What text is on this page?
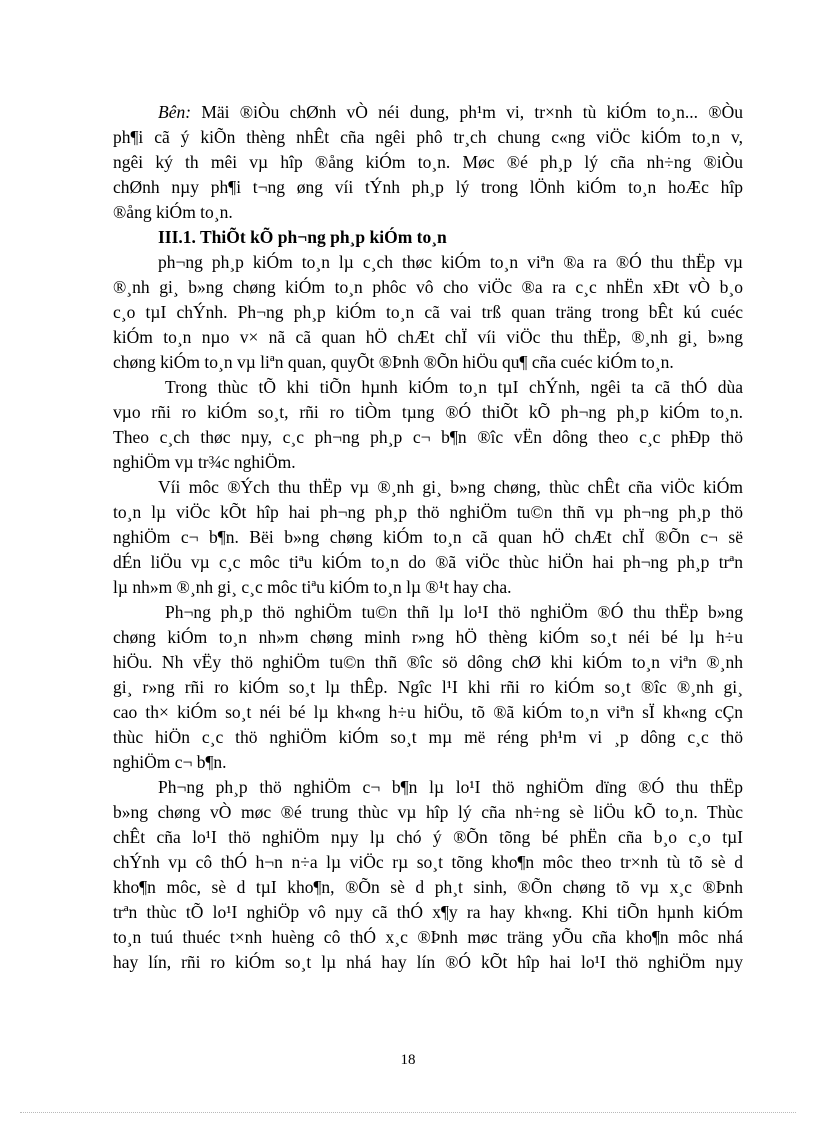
Bên: Mäi ®iÒu chØnh vÒ néi dung, ph¹m vi, tr×nh tù kiÓm to¸n... ®Òu
ph¶i cã ý kiÕn thèng nhÊt cña ngêi phô tr¸ch chung c«ng viÖc kiÓm to¸n v,
ngêi ký th mêi vµ hîp ®ång kiÓm to¸n. Møc ®é ph¸p lý cña nh÷ng ®iÒu
chØnh nµy ph¶i t¬ng øng víi tÝnh ph¸p lý trong lÖnh kiÓm to¸n hoÆc hîp
®ång kiÓm to¸n.
III.1. ThiÕt kÕ ph¬ng ph¸p kiÓm to¸n
ph¬ng ph¸p kiÓm to¸n lµ c¸ch thøc kiÓm to¸n viªn ®a ra ®Ó thu thËp vµ
®¸nh gi¸ b»ng chøng kiÓm to¸n phôc vô cho viÖc ®a ra c¸c nhËn xÐt vÒ b¸o
c¸o tµI chÝnh. Ph¬ng ph¸p kiÓm to¸n cã vai trß quan träng trong bÊt kú cuéc
kiÓm to¸n nµo v× nã cã quan hÖ chÆt chÏ víi viÖc thu thËp, ®¸nh gi¸ b»ng
chøng kiÓm to¸n vµ liªn quan, quyÕt ®Þnh ®Õn hiÖu qu¶ cña cuéc kiÓm to¸n.
Trong thùc tÕ khi tiÕn hµnh kiÓm to¸n tµI chÝnh, ngêi ta cã thÓ dùa
vµo rñi ro kiÓm so¸t, rñi ro tiÒm tµng ®Ó thiÕt kÕ ph¬ng ph¸p kiÓm to¸n.
Theo c¸ch thøc nµy, c¸c ph¬ng ph¸p c¬ b¶n ®îc vËn dông theo c¸c phÐp thö
nghiÖm vµ tr¾c nghiÖm.
Víi môc ®Ých thu thËp vµ ®¸nh gi¸ b»ng chøng, thùc chÊt cña viÖc kiÓm
to¸n lµ viÖc kÕt hîp hai ph¬ng ph¸p thö nghiÖm tu©n thñ vµ ph¬ng ph¸p thö
nghiÖm c¬ b¶n. Bëi b»ng chøng kiÓm to¸n cã quan hÖ chÆt chÏ ®Õn c¬ së
dÉn liÖu vµ c¸c môc tiªu kiÓm to¸n do ®ã viÖc thùc hiÖn hai ph¬ng ph¸p trªn
lµ nh»m ®¸nh gi¸ c¸c môc tiªu kiÓm to¸n lµ ®¹t hay cha.
Ph¬ng ph¸p thö nghiÖm tu©n thñ lµ lo¹I thö nghiÖm ®Ó thu thËp b»ng
chøng kiÓm to¸n nh»m chøng minh r»ng hÖ thèng kiÓm so¸t néi bé lµ h÷u
hiÖu. Nh vËy thö nghiÖm tu©n thñ ®îc sö dông chØ khi kiÓm to¸n viªn ®¸nh
gi¸ r»ng rñi ro kiÓm so¸t lµ thÊp. Ngîc l¹I khi rñi ro kiÓm so¸t ®îc ®¸nh gi¸
cao th× kiÓm so¸t néi bé lµ kh«ng h÷u hiÖu, tõ ®ã kiÓm to¸n viªn sÏ kh«ng cÇn
thùc hiÖn c¸c thö nghiÖm kiÓm so¸t mµ më réng ph¹m vi ¸p dông c¸c thö
nghiÖm c¬ b¶n.
Ph¬ng ph¸p thö nghiÖm c¬ b¶n lµ lo¹I thö nghiÖm dïng ®Ó thu thËp
b»ng chøng vÒ møc ®é trung thùc vµ hîp lý cña nh÷ng sè liÖu kÕ to¸n. Thùc
chÊt cña lo¹I thö nghiÖm nµy lµ chó ý ®Õn tõng bé phËn cña b¸o c¸o tµI
chÝnh vµ cô thÓ h¬n n÷a lµ viÖc rµ so¸t tõng kho¶n môc theo tr×nh tù tõ sè d
kho¶n môc, sè d tµI kho¶n, ®Õn sè d ph¸t sinh, ®Õn chøng tõ vµ x¸c ®Þnh
trªn thùc tÕ lo¹I nghiÖp vô nµy cã thÓ x¶y ra hay kh«ng. Khi tiÕn hµnh kiÓm
to¸n tuú thuéc t×nh huèng cô thÓ x¸c ®Þnh møc träng yÕu cña kho¶n môc nhá
hay lín, rñi ro kiÓm so¸t lµ nhá hay lín ®Ó kÕt hîp hai lo¹I thö nghiÖm nµy
18
